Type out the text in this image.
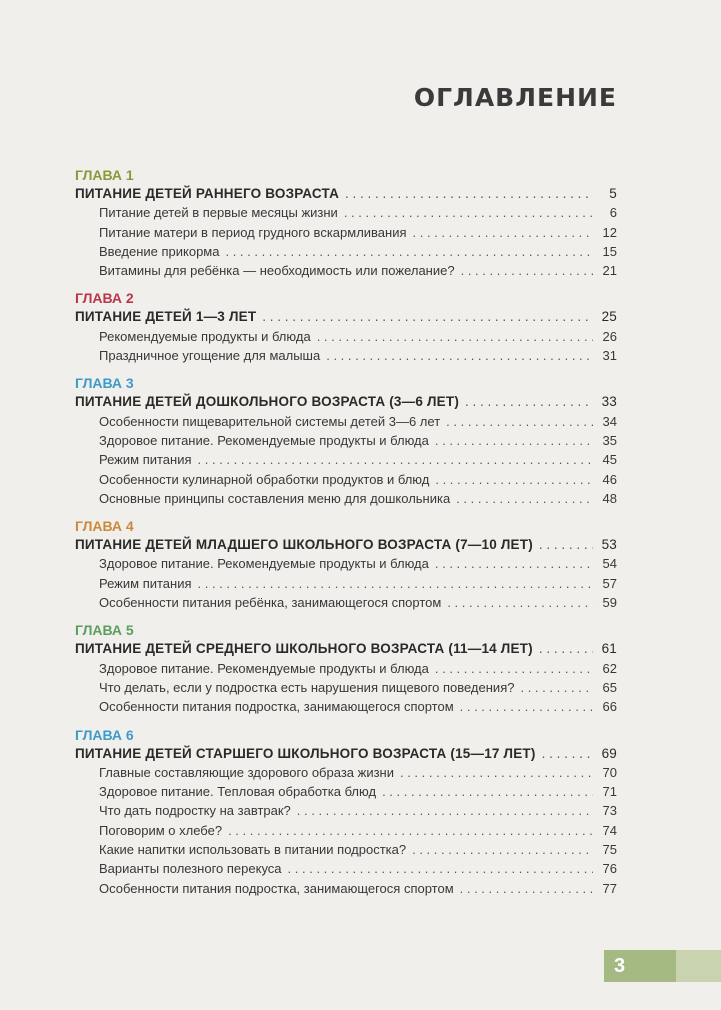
ОГЛАВЛЕНИЕ
ГЛАВА 1
ПИТАНИЕ ДЕТЕЙ РАННЕГО ВОЗРАСТА . . .	5
Питание детей в первые месяцы жизни . . .	6
Питание матери в период грудного вскармливания . . .	12
Введение прикорма . . .	15
Витамины для ребёнка — необходимость или пожелание? . . .	21
ГЛАВА 2
ПИТАНИЕ ДЕТЕЙ 1—3 ЛЕТ . . .	25
Рекомендуемые продукты и блюда . . .	26
Праздничное угощение для малыша . . .	31
ГЛАВА 3
ПИТАНИЕ ДЕТЕЙ ДОШКОЛЬНОГО ВОЗРАСТА (3—6 ЛЕТ) . . .	33
Особенности пищеварительной системы детей 3—6 лет . . .	34
Здоровое питание. Рекомендуемые продукты и блюда . . .	35
Режим питания . . .	45
Особенности кулинарной обработки продуктов и блюд . . .	46
Основные принципы составления меню для дошкольника . . .	48
ГЛАВА 4
ПИТАНИЕ ДЕТЕЙ МЛАДШЕГО ШКОЛЬНОГО ВОЗРАСТА (7—10 ЛЕТ) . . .	53
Здоровое питание. Рекомендуемые продукты и блюда . . .	54
Режим питания . . .	57
Особенности питания ребёнка, занимающегося спортом . . .	59
ГЛАВА 5
ПИТАНИЕ ДЕТЕЙ СРЕДНЕГО ШКОЛЬНОГО ВОЗРАСТА (11—14 ЛЕТ) . . .	61
Здоровое питание. Рекомендуемые продукты и блюда . . .	62
Что делать, если у подростка есть нарушения пищевого поведения? . . .	65
Особенности питания подростка, занимающегося спортом . . .	66
ГЛАВА 6
ПИТАНИЕ ДЕТЕЙ СТАРШЕГО ШКОЛЬНОГО ВОЗРАСТА (15—17 ЛЕТ) . . .	69
Главные составляющие здорового образа жизни . . .	70
Здоровое питание. Тепловая обработка блюд . . .	71
Что дать подростку на завтрак? . . .	73
Поговорим о хлебе? . . .	74
Какие напитки использовать в питании подростка? . . .	75
Варианты полезного перекуса . . .	76
Особенности питания подростка, занимающегося спортом . . .	77
3
